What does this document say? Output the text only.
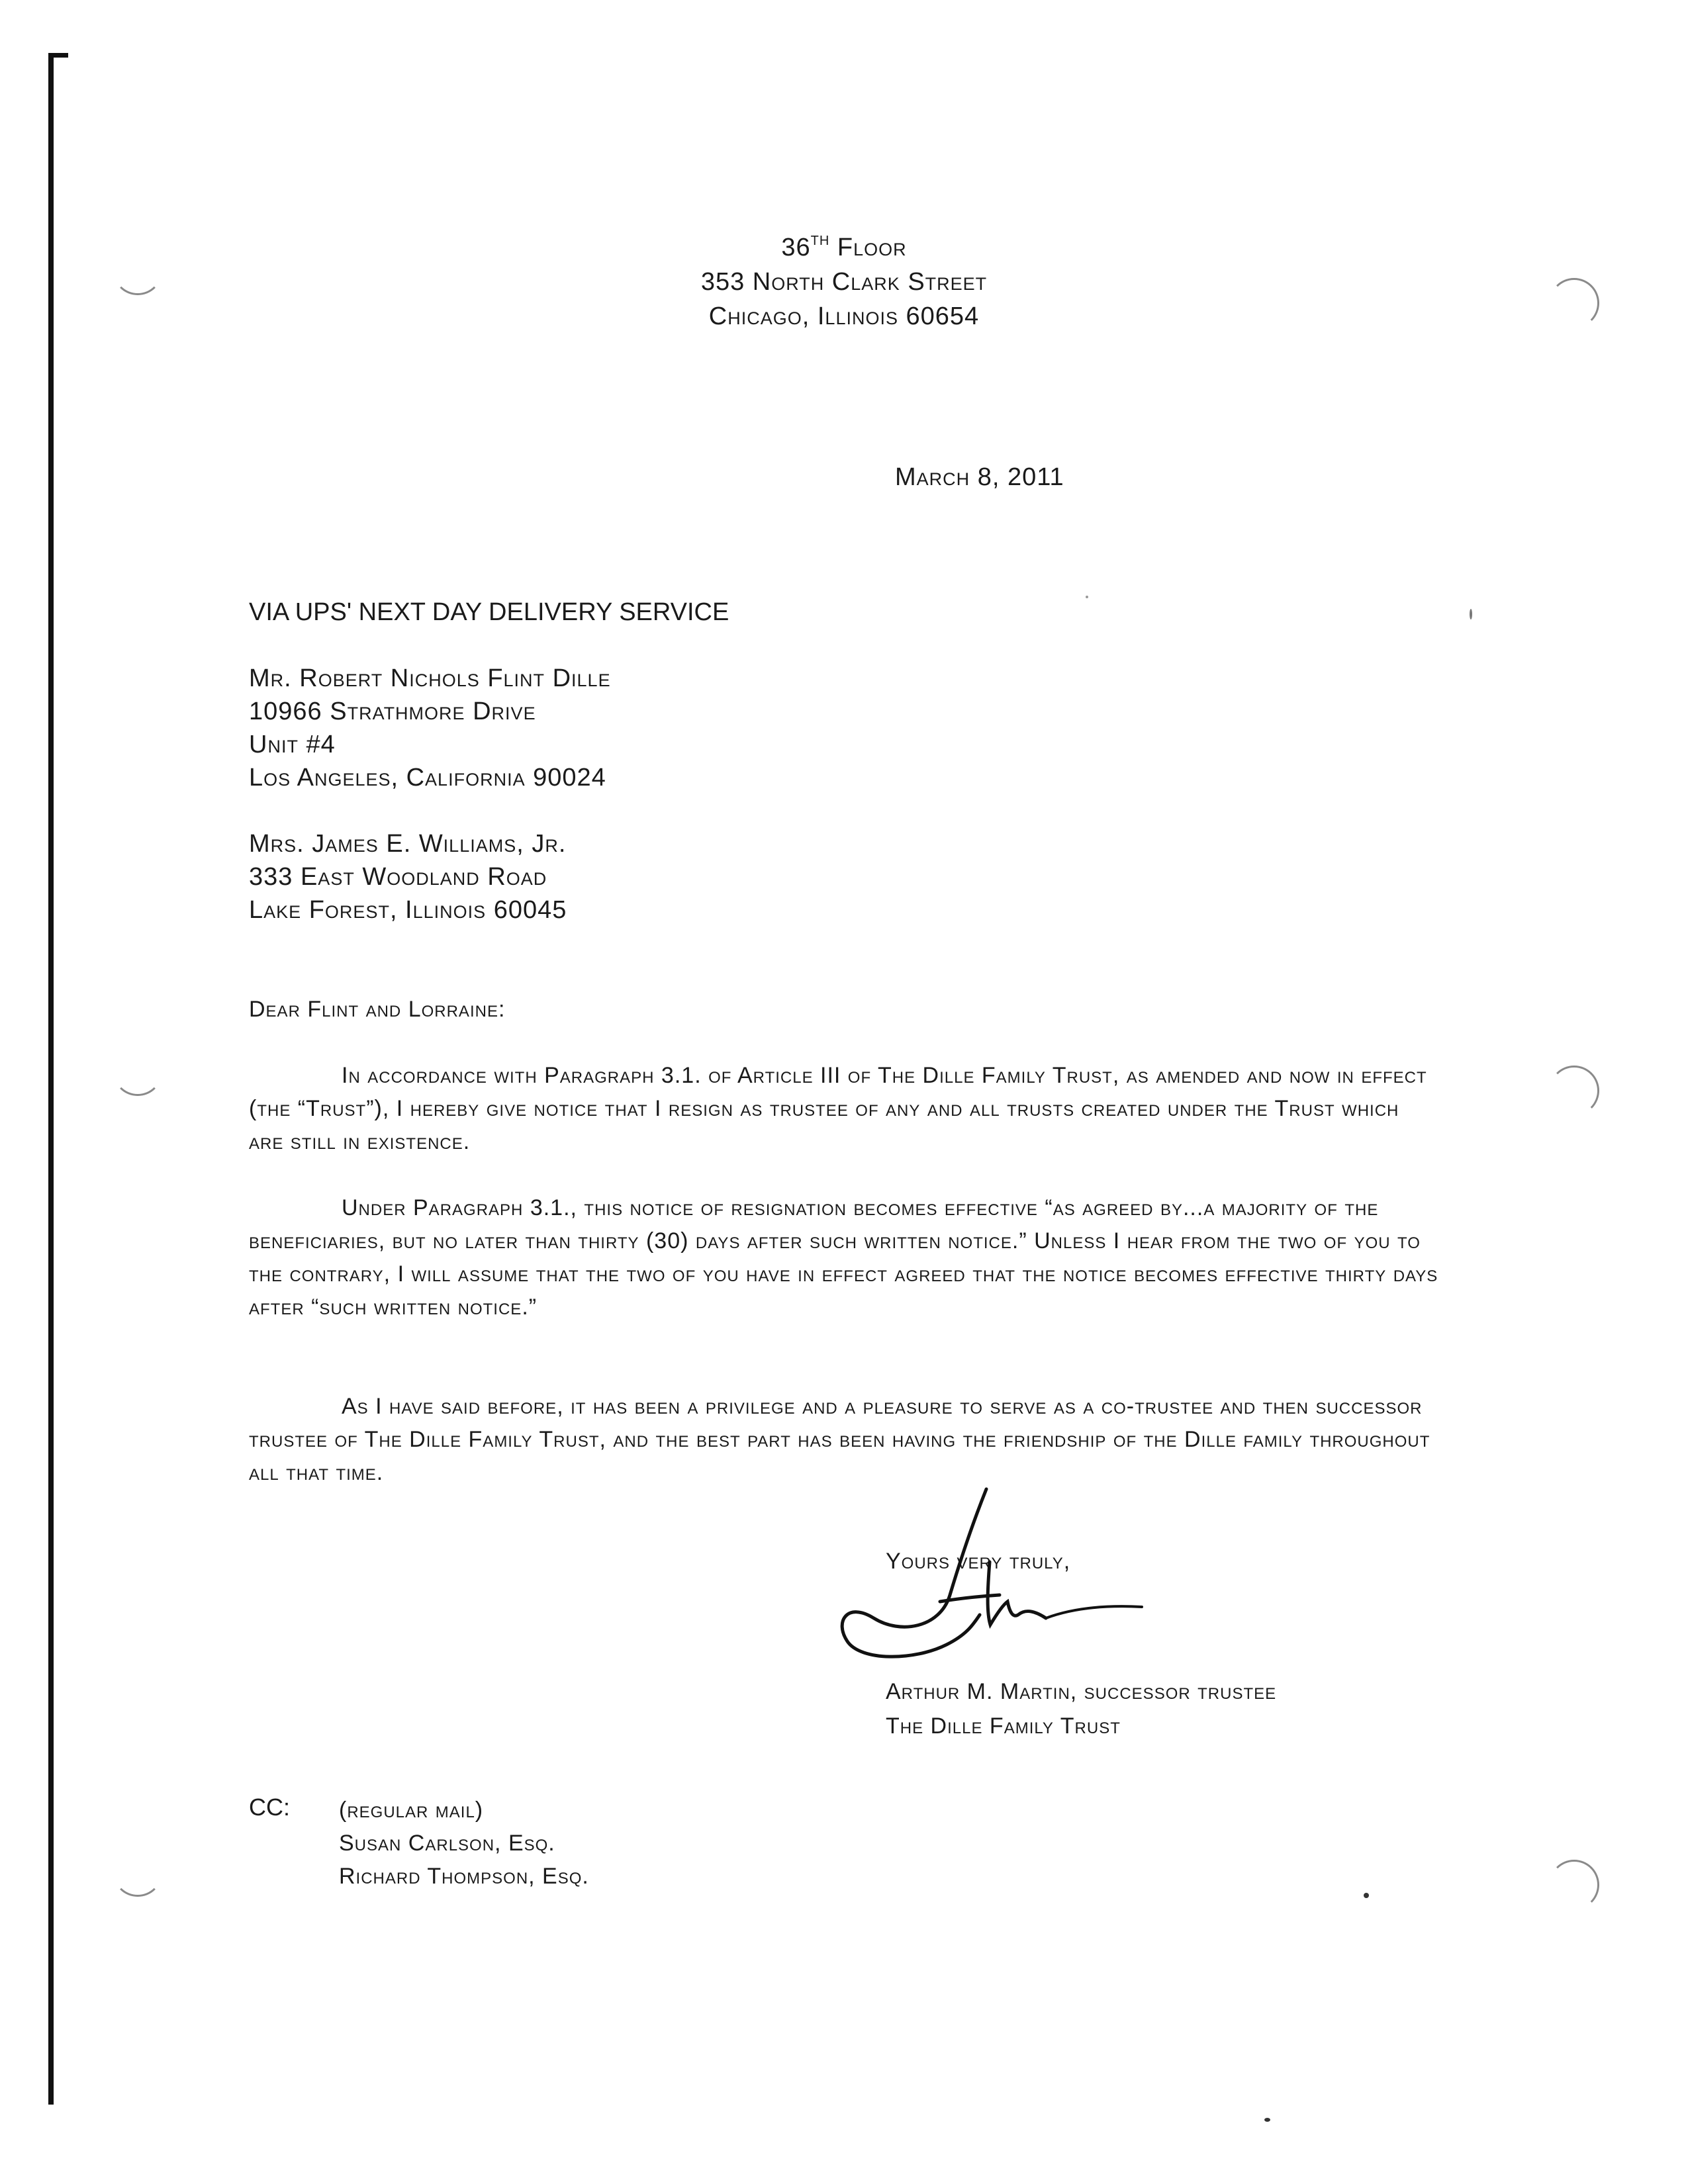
36TH Floor
353 North Clark Street
Chicago, Illinois 60654
March 8, 2011
VIA UPS' NEXT DAY DELIVERY SERVICE
Mr. Robert Nichols Flint Dille
10966 Strathmore Drive
Unit #4
Los Angeles, California 90024
Mrs. James E. Williams, Jr.
333 East Woodland Road
Lake Forest, Illinois 60045
Dear Flint and Lorraine:
In accordance with Paragraph 3.1. of Article III of The Dille Family Trust, as amended and now in effect (the “Trust”), I hereby give notice that I resign as trustee of any and all trusts created under the Trust which are still in existence.
Under Paragraph 3.1., this notice of resignation becomes effective “as agreed by...a majority of the beneficiaries, but no later than thirty (30) days after such written notice.” Unless I hear from the two of you to the contrary, I will assume that the two of you have in effect agreed that the notice becomes effective thirty days after “such written notice.”
As I have said before, it has been a privilege and a pleasure to serve as a co-trustee and then successor trustee of The Dille Family Trust, and the best part has been having the friendship of the Dille family throughout all that time.
Yours very truly,
Arthur M. Martin, successor trustee
The Dille Family Trust
CC: (regular mail)
Susan Carlson, Esq.
Richard Thompson, Esq.
